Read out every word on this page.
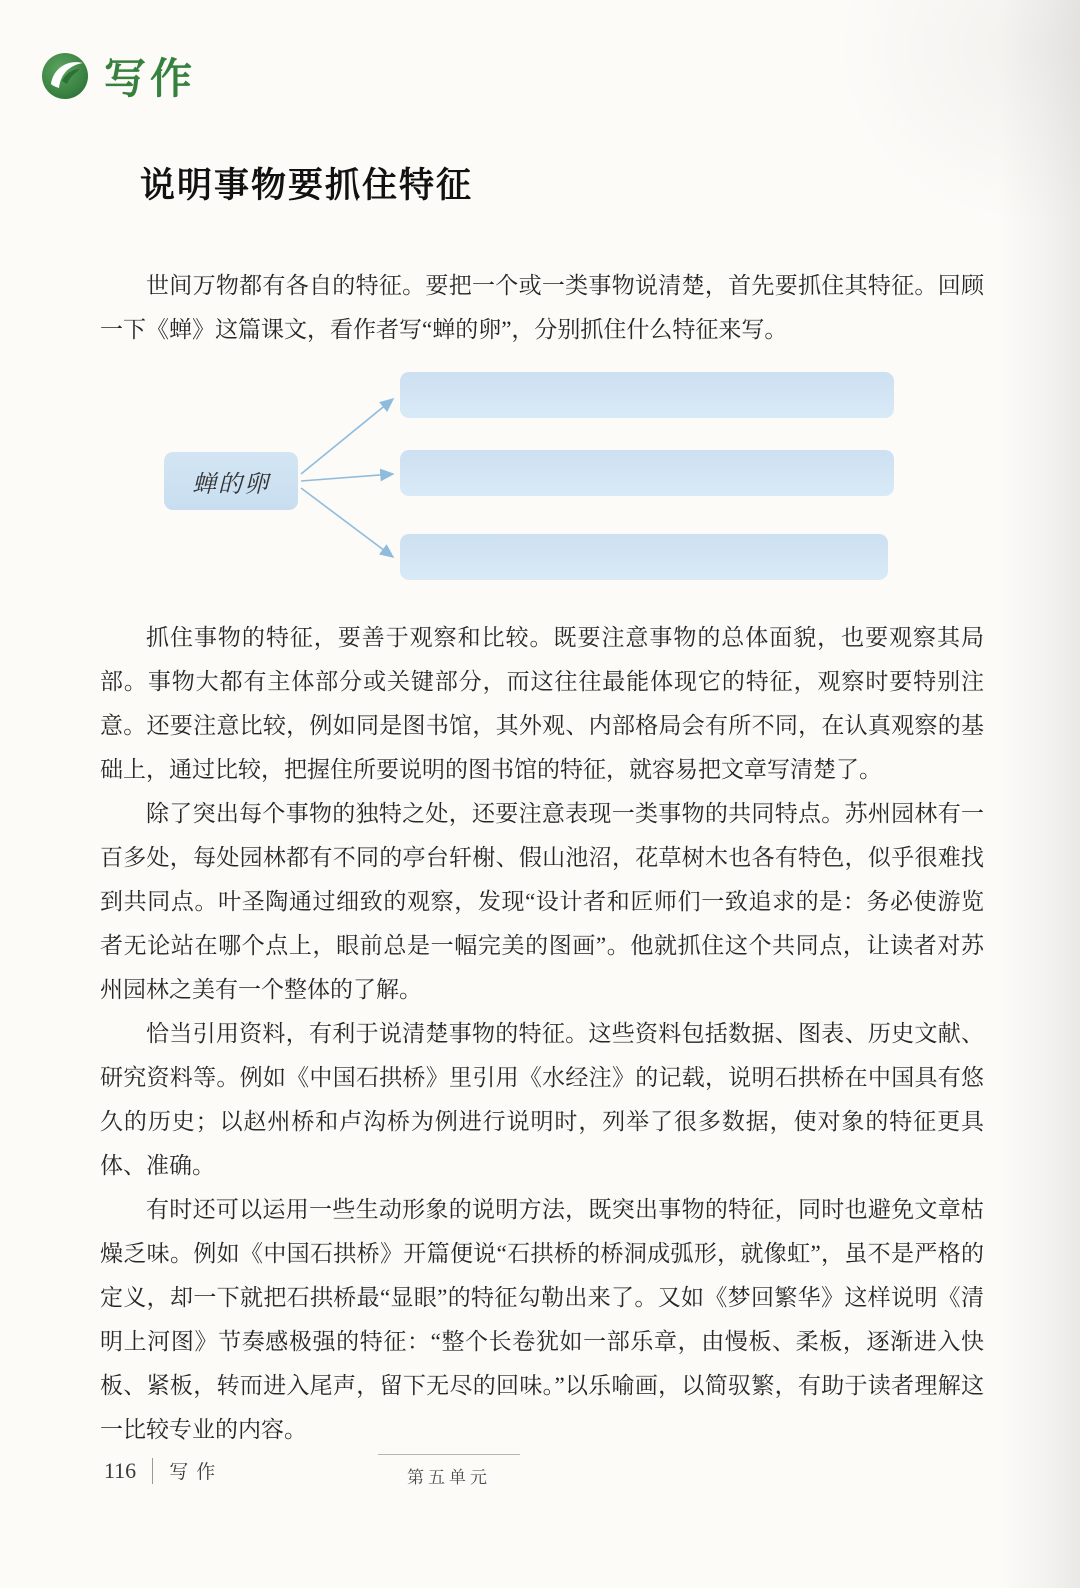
写作
说明事物要抓住特征

世间万物都有各自的特征。要把一个或一类事物说清楚，首先要抓住其特征。回顾一下《蝉》这篇课文，看作者写“蝉的卵”，分别抓住什么特征来写。

蝉的卵

抓住事物的特征，要善于观察和比较。既要注意事物的总体面貌，也要观察其局部。事物大都有主体部分或关键部分，而这往往最能体现它的特征，观察时要特别注意。还要注意比较，例如同是图书馆，其外观、内部格局会有所不同，在认真观察的基础上，通过比较，把握住所要说明的图书馆的特征，就容易把文章写清楚了。

除了突出每个事物的独特之处，还要注意表现一类事物的共同特点。苏州园林有一百多处，每处园林都有不同的亭台轩榭、假山池沼，花草树木也各有特色，似乎很难找到共同点。叶圣陶通过细致的观察，发现“设计者和匠师们一致追求的是：务必使游览者无论站在哪个点上，眼前总是一幅完美的图画”。他就抓住这个共同点，让读者对苏州园林之美有一个整体的了解。

恰当引用资料，有利于说清楚事物的特征。这些资料包括数据、图表、历史文献、研究资料等。例如《中国石拱桥》里引用《水经注》的记载，说明石拱桥在中国具有悠久的历史；以赵州桥和卢沟桥为例进行说明时，列举了很多数据，使对象的特征更具体、准确。

有时还可以运用一些生动形象的说明方法，既突出事物的特征，同时也避免文章枯燥乏味。例如《中国石拱桥》开篇便说“石拱桥的桥洞成弧形，就像虹”，虽不是严格的定义，却一下就把石拱桥最“显眼”的特征勾勒出来了。又如《梦回繁华》这样说明《清明上河图》节奏感极强的特征：“整个长卷犹如一部乐章，由慢板、柔板，逐渐进入快板、紧板，转而进入尾声，留下无尽的回味。”以乐喻画，以简驭繁，有助于读者理解这一比较专业的内容。

116 写作	第五单元
